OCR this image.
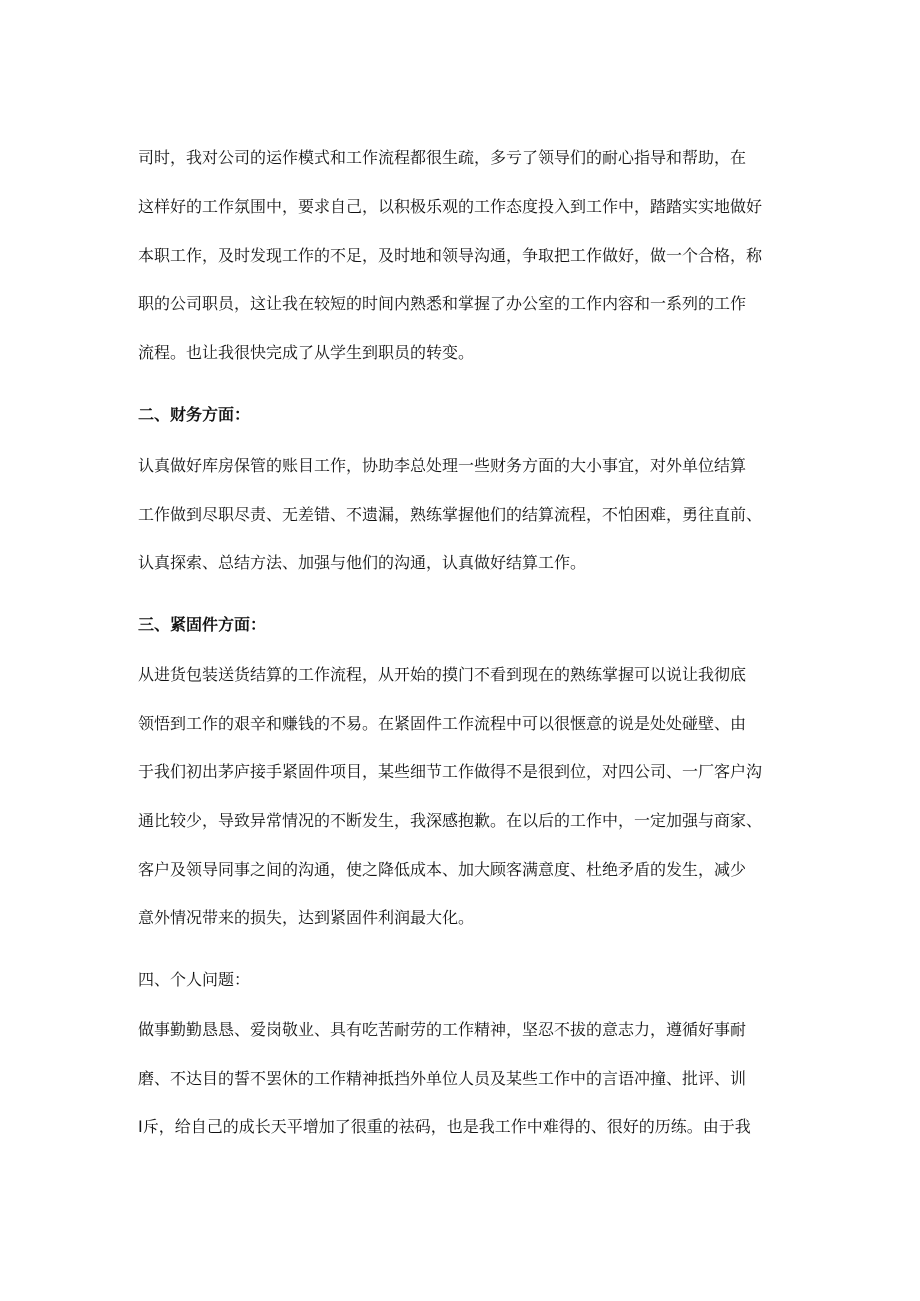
司时，我对公司的运作模式和工作流程都很生疏，多亏了领导们的耐心指导和帮助，在
这样好的工作氛围中，要求自己，以积极乐观的工作态度投入到工作中，踏踏实实地做好
本职工作，及时发现工作的不足，及时地和领导沟通，争取把工作做好，做一个合格，称
职的公司职员，这让我在较短的时间内熟悉和掌握了办公室的工作内容和一系列的工作
流程。也让我很快完成了从学生到职员的转变。
二、财务方面：
认真做好库房保管的账目工作，协助李总处理一些财务方面的大小事宜，对外单位结算
工作做到尽职尽责、无差错、不遗漏，熟练掌握他们的结算流程，不怕困难，勇往直前、
认真探索、总结方法、加强与他们的沟通，认真做好结算工作。
三、紧固件方面：
从进货包装送货结算的工作流程，从开始的摸门不看到现在的熟练掌握可以说让我彻底
领悟到工作的艰辛和赚钱的不易。在紧固件工作流程中可以很惬意的说是处处碰壁、由
于我们初出茅庐接手紧固件项目，某些细节工作做得不是很到位，对四公司、一厂客户沟
通比较少，导致异常情况的不断发生，我深感抱歉。在以后的工作中，一定加强与商家、
客户及领导同事之间的沟通，使之降低成本、加大顾客满意度、杜绝矛盾的发生，减少
意外情况带来的损失，达到紧固件利润最大化。
四、个人问题：
做事勤勤恳恳、爱岗敬业、具有吃苦耐劳的工作精神，坚忍不拔的意志力，遵循好事耐
磨、不达目的誓不罢休的工作精神抵挡外单位人员及某些工作中的言语冲撞、批评、训
I斥，给自己的成长天平增加了很重的祛码，也是我工作中难得的、很好的历练。由于我
